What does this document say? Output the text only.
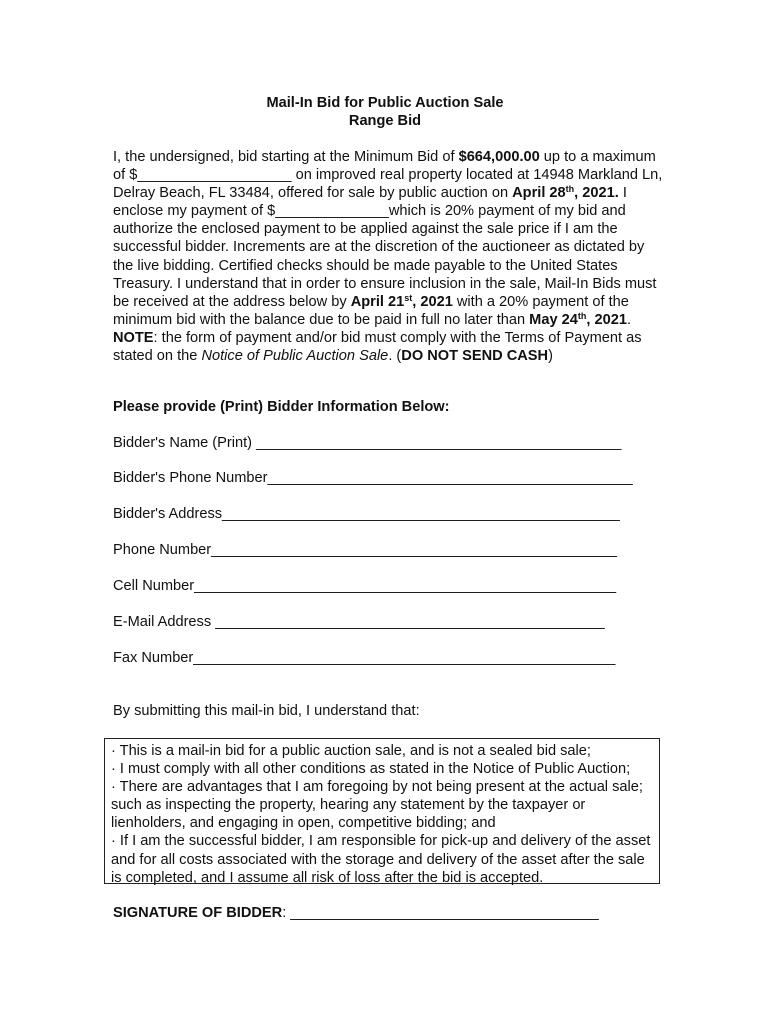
Mail-In Bid for Public Auction Sale
Range Bid
I, the undersigned, bid starting at the Minimum Bid of $664,000.00 up to a maximum of $___________________ on improved real property located at 14948 Markland Ln, Delray Beach, FL 33484, offered for sale by public auction on April 28th, 2021. I enclose my payment of $______________which is 20% payment of my bid and authorize the enclosed payment to be applied against the sale price if I am the successful bidder. Increments are at the discretion of the auctioneer as dictated by the live bidding. Certified checks should be made payable to the United States Treasury. I understand that in order to ensure inclusion in the sale, Mail-In Bids must be received at the address below by April 21st, 2021 with a 20% payment of the minimum bid with the balance due to be paid in full no later than May 24th, 2021. NOTE: the form of payment and/or bid must comply with the Terms of Payment as stated on the Notice of Public Auction Sale. (DO NOT SEND CASH)
Please provide (Print) Bidder Information Below:
Bidder's Name (Print) _____________________________________________
Bidder's Phone Number_____________________________________________
Bidder's Address_________________________________________________
Phone Number__________________________________________________
Cell Number____________________________________________________
E-Mail Address ________________________________________________
Fax Number____________________________________________________
By submitting this mail-in bid, I understand that:

· This is a mail-in bid for a public auction sale, and is not a sealed bid sale;

· I must comply with all other conditions as stated in the Notice of Public Auction;

· There are advantages that I am foregoing by not being present at the actual sale; such as inspecting the property, hearing any statement by the taxpayer or lienholders, and engaging in open, competitive bidding; and

· If I am the successful bidder, I am responsible for pick-up and delivery of the asset and for all costs associated with the storage and delivery of the asset after the sale is completed, and I assume all risk of loss after the bid is accepted.

SIGNATURE OF BIDDER: ______________________________________
